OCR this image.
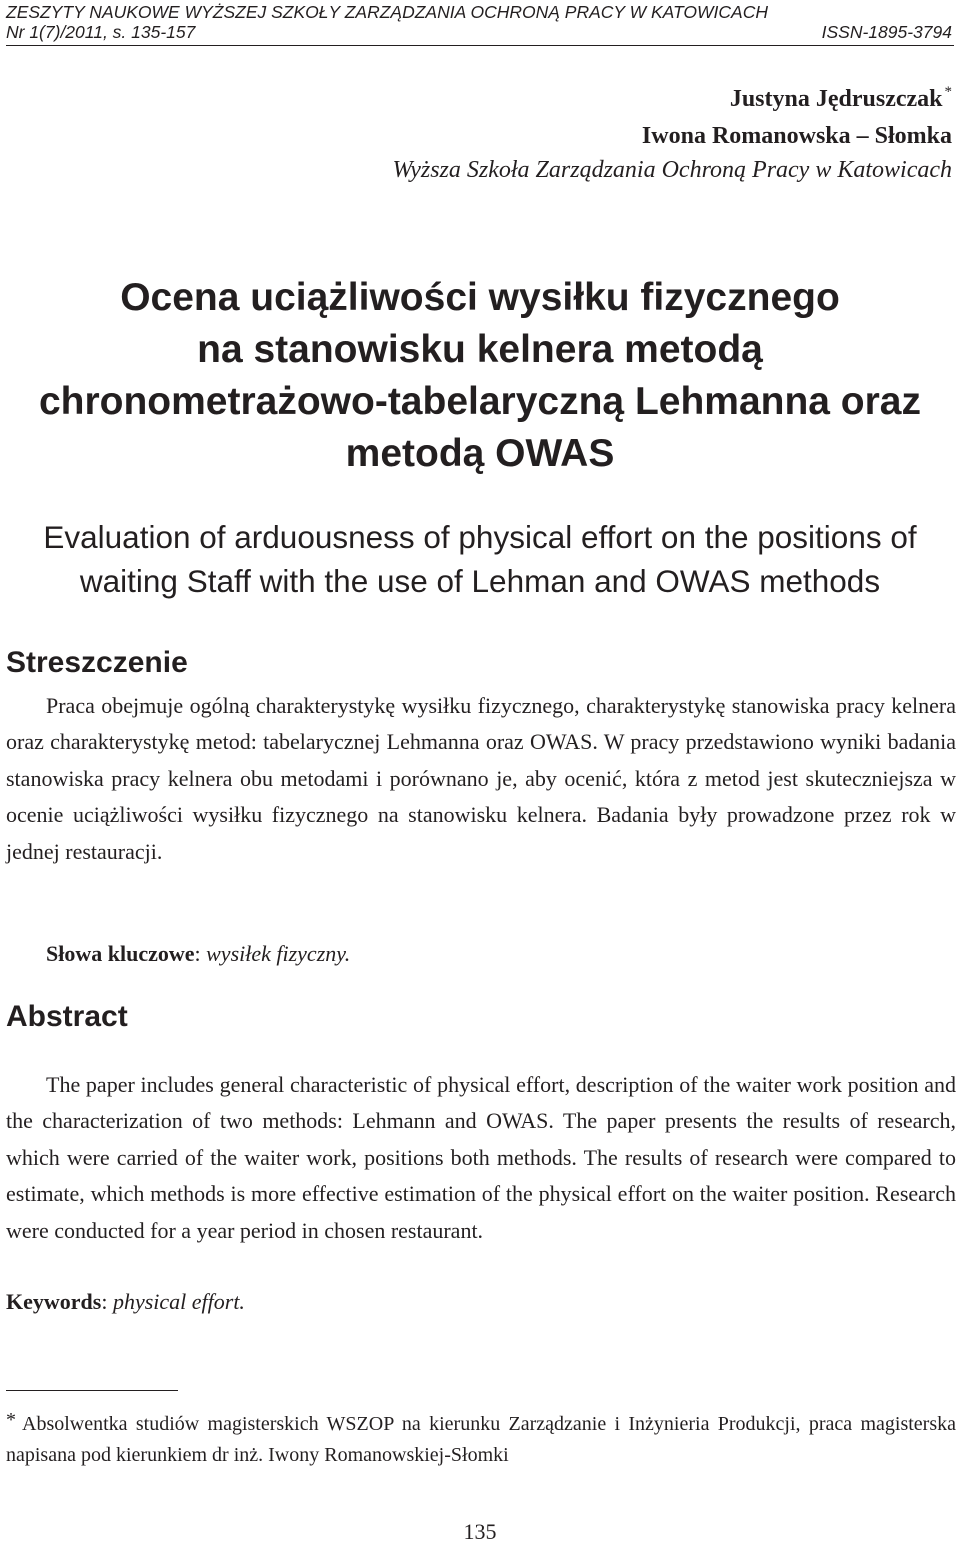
ZESZYTY NAUKOWE WYŻSZEJ SZKOŁY ZARZĄDZANIA OCHRONĄ PRACY W KATOWICACH
Nr 1(7)/2011, s. 135-157	ISSN-1895-3794
Justyna Jędruszczak *
Iwona Romanowska – Słomka
Wyższa Szkoła Zarządzania Ochroną Pracy w Katowicach
Ocena uciążliwości wysiłku fizycznego
na stanowisku kelnera metodą
chronometrażowo-tabelaryczną Lehmanna oraz
metodą OWAS
Evaluation of arduousness of physical effort on the positions of
waiting Staff with the use of Lehman and OWAS methods
Streszczenie

Praca obejmuje ogólną charakterystykę wysiłku fizycznego, charakterystykę stanowiska pracy kelnera oraz charakterystykę metod: tabelarycznej Lehmanna oraz OWAS. W pracy przedstawiono wyniki badania stanowiska pracy kelnera obu metodami i porównano je, aby ocenić, która z metod jest skuteczniejsza w ocenie uciążliwości wysiłku fizycznego na stanowisku kelnera. Badania były prowadzone przez rok w jednej restauracji.

Słowa kluczowe: wysiłek fizyczny.
Abstract

The paper includes general characteristic of physical effort, description of the waiter work position and the characterization of two methods: Lehmann and OWAS. The paper presents the results of research, which were carried of the waiter work, positions both methods. The results of research were compared to estimate, which methods is more effective estimation of the physical effort on the waiter position. Research were conducted for a year period in chosen restaurant.

Keywords: physical effort.
* Absolwentka studiów magisterskich WSZOP na kierunku Zarządzanie i Inżynieria Produkcji, praca magisterska napisana pod kierunkiem dr inż. Iwony Romanowskiej-Słomki
135
